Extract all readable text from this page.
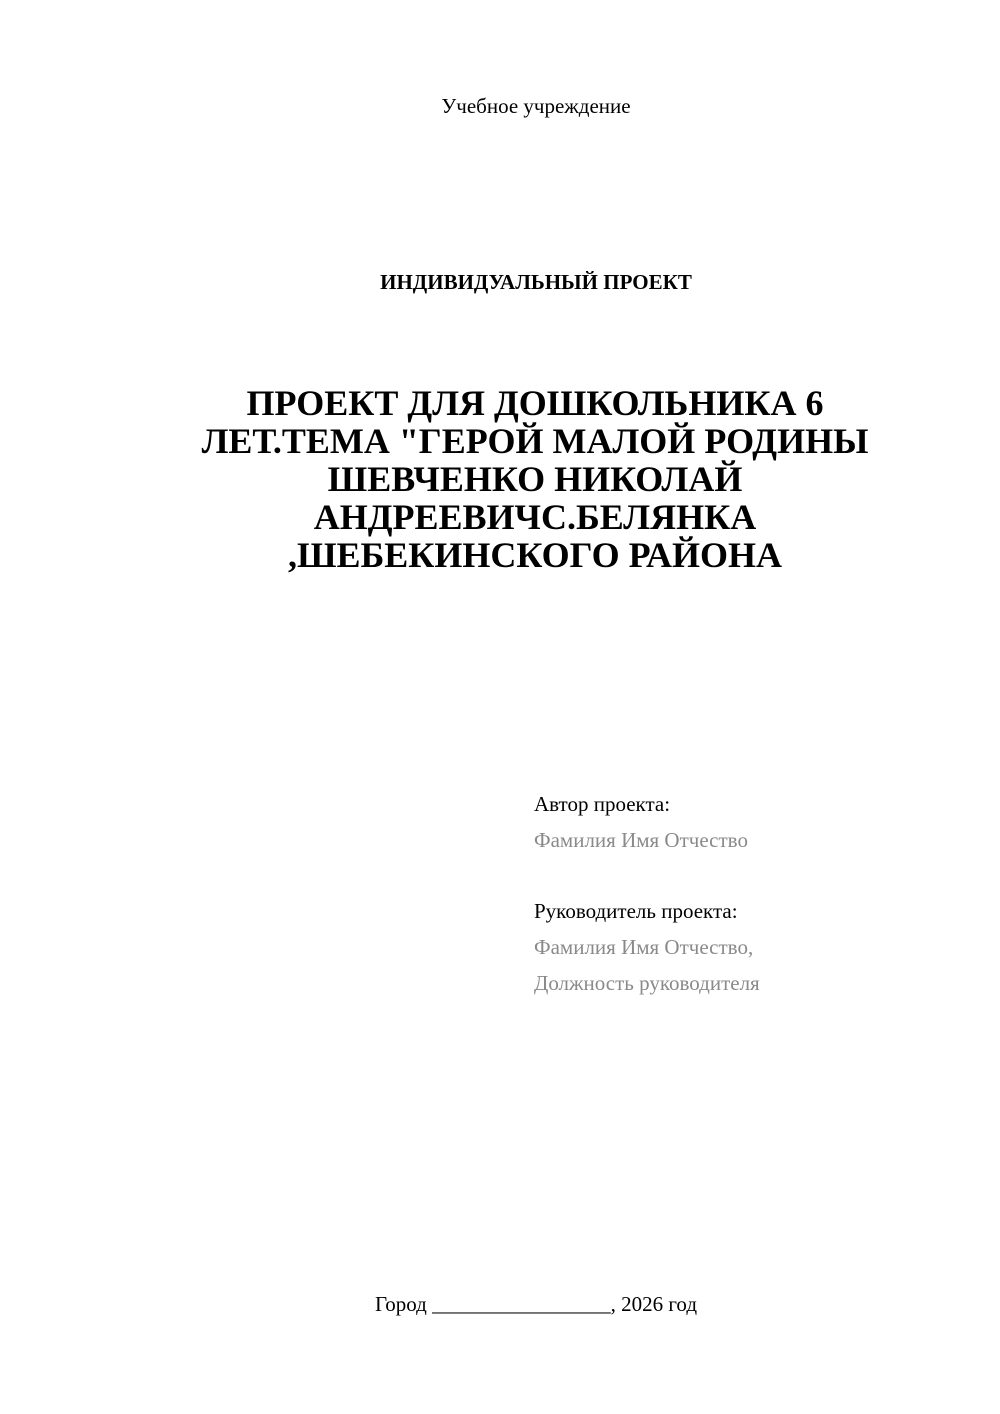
Учебное учреждение
ИНДИВИДУАЛЬНЫЙ ПРОЕКТ
ПРОЕКТ ДЛЯ ДОШКОЛЬНИКА 6
ЛЕТ.ТЕМА "ГЕРОЙ МАЛОЙ РОДИНЫ
ШЕВЧЕНКО НИКОЛАЙ
АНДРЕЕВИЧС.БЕЛЯНКА
,ШЕБЕКИНСКОГО РАЙОНА
Автор проекта:
Фамилия Имя Отчество
Руководитель проекта:
Фамилия Имя Отчество,
Должность руководителя
Город _________________, 2026 год
